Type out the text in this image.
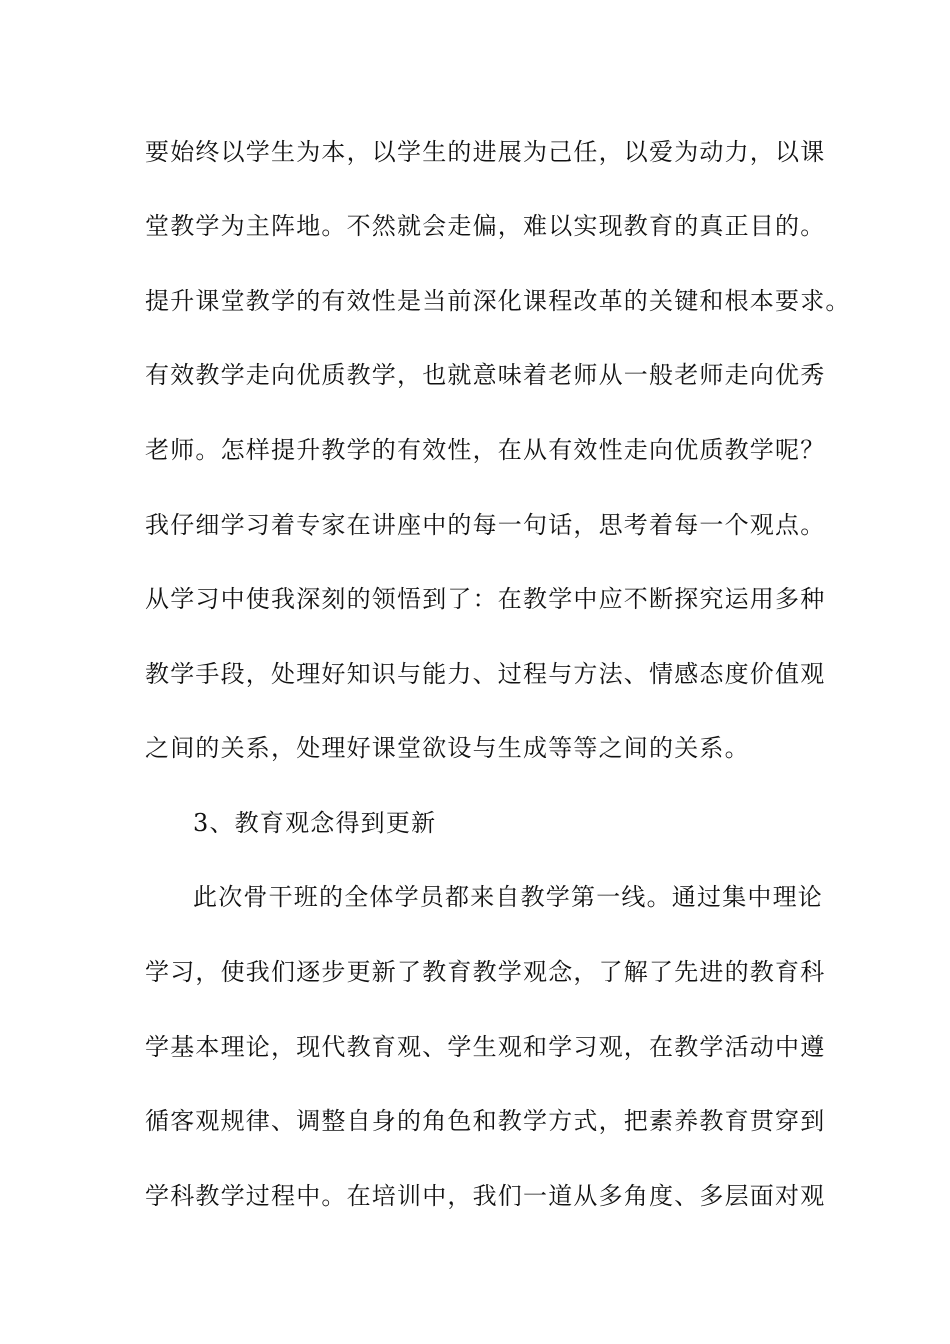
要始终以学生为本，以学生的进展为己任，以爱为动力，以课
堂教学为主阵地。不然就会走偏，难以实现教育的真正目的。
提升课堂教学的有效性是当前深化课程改革的关键和根本要求。
有效教学走向优质教学，也就意味着老师从一般老师走向优秀
老师。怎样提升教学的有效性，在从有效性走向优质教学呢？
我仔细学习着专家在讲座中的每一句话，思考着每一个观点。
从学习中使我深刻的领悟到了：在教学中应不断探究运用多种
教学手段，处理好知识与能力、过程与方法、情感态度价值观
之间的关系，处理好课堂欲设与生成等等之间的关系。
3、教育观念得到更新
此次骨干班的全体学员都来自教学第一线。通过集中理论
学习，使我们逐步更新了教育教学观念，了解了先进的教育科
学基本理论，现代教育观、学生观和学习观，在教学活动中遵
循客观规律、调整自身的角色和教学方式，把素养教育贯穿到
学科教学过程中。在培训中，我们一道从多角度、多层面对观
